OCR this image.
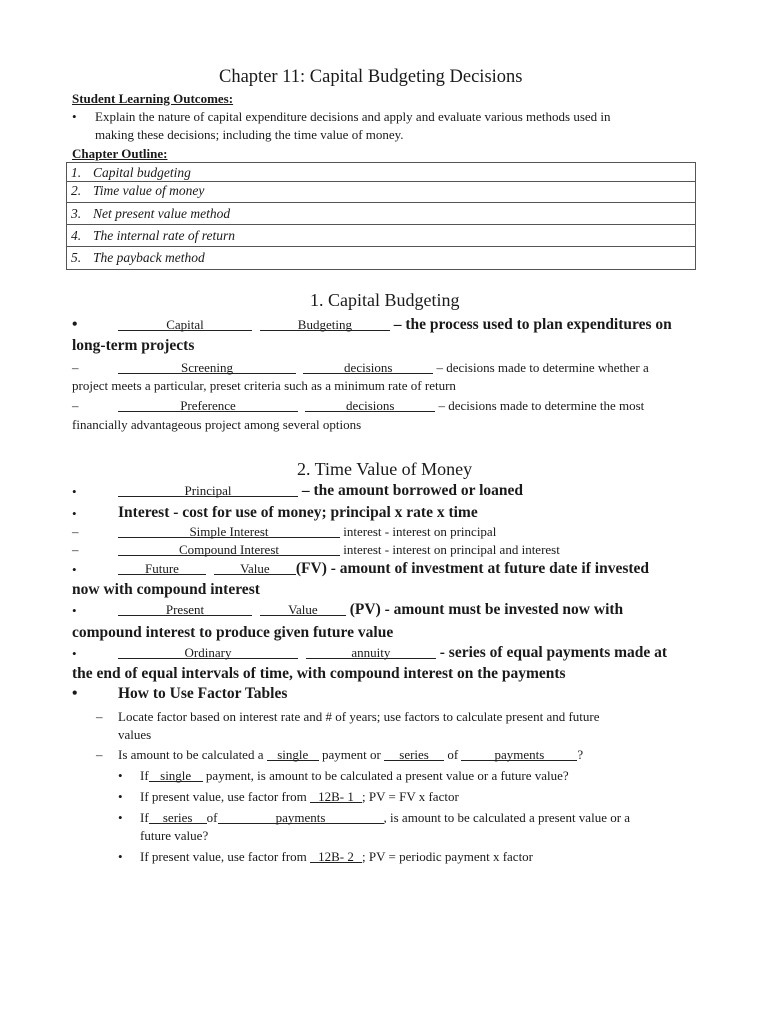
Chapter 11: Capital Budgeting Decisions
Student Learning Outcomes:
• Explain the nature of capital expenditure decisions and apply and evaluate various methods used in
making these decisions; including the time value of money.
Chapter Outline:
1. Capital budgeting
2. Time value of money
3. Net present value method
4. The internal rate of return
5. The payback method
1. Capital Budgeting
•	Capital	Budgeting	– the process used to plan expenditures on
long-term projects
–	Screening	decisions	– decisions made to determine whether a
project meets a particular, preset criteria such as a minimum rate of return
–	Preference	decisions	– decisions made to determine the most
financially advantageous project among several options
2. Time Value of Money
•	Principal	– the amount borrowed or loaned
•	Interest - cost for use of money; principal x rate x time
–	Simple Interest	interest - interest on principal
–	Compound Interest	interest - interest on principal and interest
•	Future	Value (FV) - amount of investment at future date if invested
now with compound interest
•	Present	Value (PV) - amount must be invested now with
compound interest to produce given future value
•	Ordinary	annuity	- series of equal payments made at
the end of equal intervals of time, with compound interest on the payments
•	How to Use Factor Tables
– Locate factor based on interest rate and # of years; use factors to calculate present and future
values
– Is amount to be calculated a single payment or series of	payments	?
• If single payment, is amount to be calculated a present value or a future value?
• If present value, use factor from 12B- 1 ; PV = FV x factor
• If series of	payments	, is amount to be calculated a present value or a
future value?
• If present value, use factor from 12B- 2 ; PV = periodic payment x factor
